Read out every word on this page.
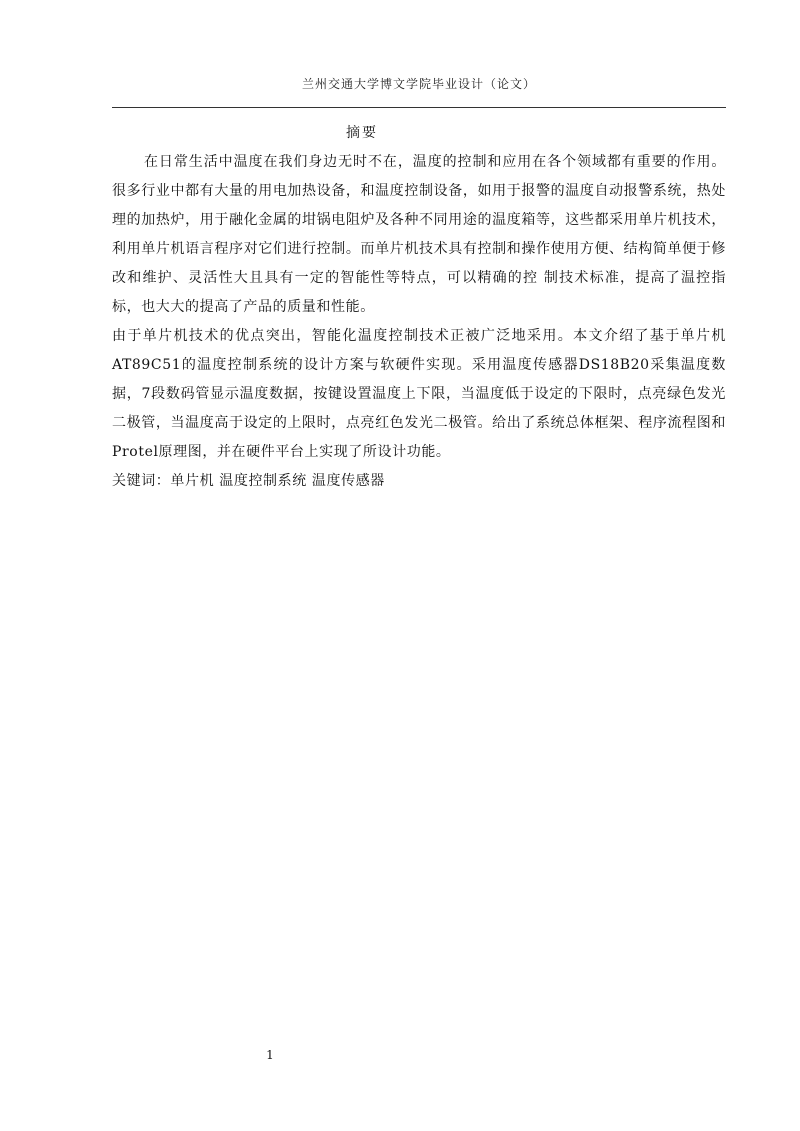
兰州交通大学博文学院毕业设计（论文）
摘要

在日常生活中温度在我们身边无时不在，温度的控制和应用在各个领域都有重要的作用。很多行业中都有大量的用电加热设备，和温度控制设备，如用于报警的温度自动报警系统，热处理的加热炉，用于融化金属的坩锅电阻炉及各种不同用途的温度箱等，这些都采用单片机技术，利用单片机语言程序对它们进行控制。而单片机技术具有控制和操作使用方便、结构简单便于修改和维护、灵活性大且具有一定的智能性等特点，可以精确的控 制技术标准，提高了温控指标，也大大的提高了产品的质量和性能。

由于单片机技术的优点突出，智能化温度控制技术正被广泛地采用。本文介绍了基于单片机AT89C51的温度控制系统的设计方案与软硬件实现。采用温度传感器DS18B20采集温度数据，7段数码管显示温度数据，按键设置温度上下限，当温度低于设定的下限时，点亮绿色发光二极管，当温度高于设定的上限时，点亮红色发光二极管。给出了系统总体框架、程序流程图和Protel原理图，并在硬件平台上实现了所设计功能。

关键词：单片机 温度控制系统 温度传感器

1
